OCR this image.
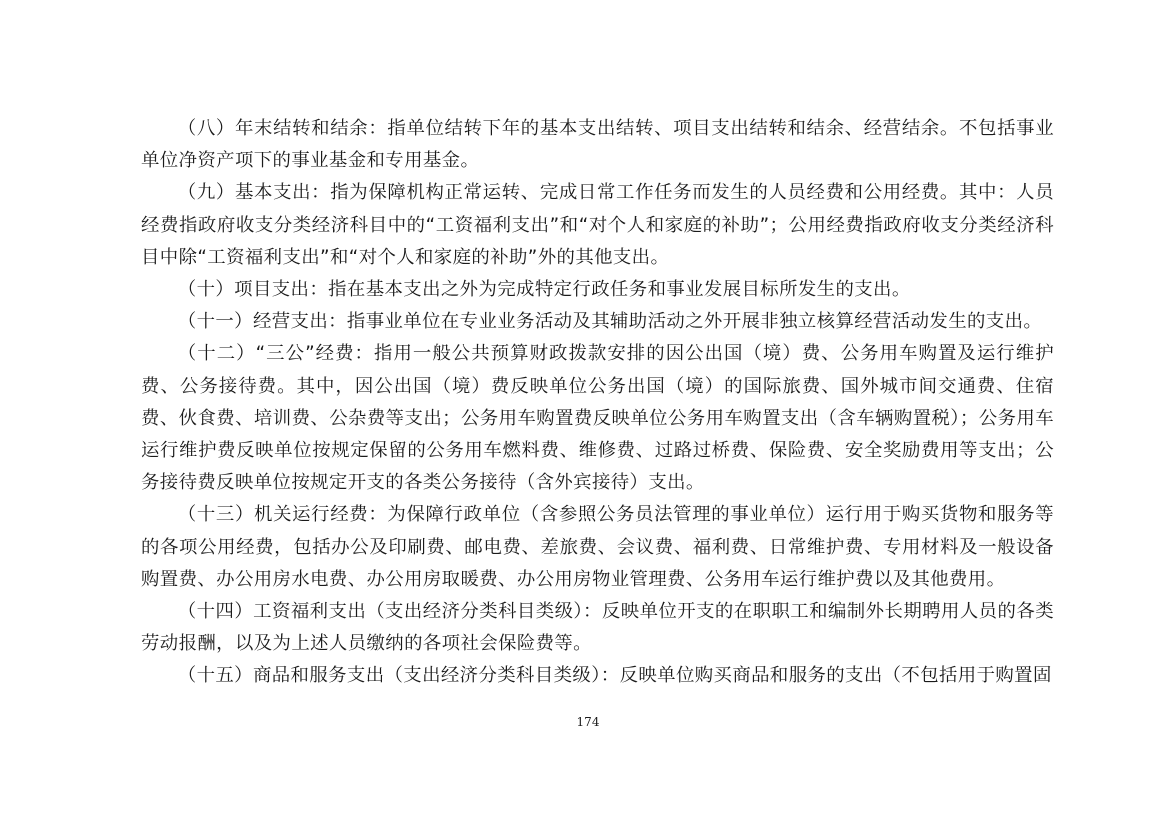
（八）年末结转和结余：指单位结转下年的基本支出结转、项目支出结转和结余、经营结余。不包括事业单位净资产项下的事业基金和专用基金。

（九）基本支出：指为保障机构正常运转、完成日常工作任务而发生的人员经费和公用经费。其中：人员经费指政府收支分类经济科目中的“工资福利支出”和“对个人和家庭的补助”；公用经费指政府收支分类经济科目中除“工资福利支出”和“对个人和家庭的补助”外的其他支出。

（十）项目支出：指在基本支出之外为完成特定行政任务和事业发展目标所发生的支出。

（十一）经营支出：指事业单位在专业业务活动及其辅助活动之外开展非独立核算经营活动发生的支出。

（十二）“三公”经费：指用一般公共预算财政拨款安排的因公出国（境）费、公务用车购置及运行维护费、公务接待费。其中，因公出国（境）费反映单位公务出国（境）的国际旅费、国外城市间交通费、住宿费、伙食费、培训费、公杂费等支出；公务用车购置费反映单位公务用车购置支出（含车辆购置税）；公务用车运行维护费反映单位按规定保留的公务用车燃料费、维修费、过路过桥费、保险费、安全奖励费用等支出；公务接待费反映单位按规定开支的各类公务接待（含外宾接待）支出。

（十三）机关运行经费：为保障行政单位（含参照公务员法管理的事业单位）运行用于购买货物和服务等的各项公用经费，包括办公及印刷费、邮电费、差旅费、会议费、福利费、日常维护费、专用材料及一般设备购置费、办公用房水电费、办公用房取暖费、办公用房物业管理费、公务用车运行维护费以及其他费用。

（十四）工资福利支出（支出经济分类科目类级）：反映单位开支的在职职工和编制外长期聘用人员的各类劳动报酬，以及为上述人员缴纳的各项社会保险费等。

（十五）商品和服务支出（支出经济分类科目类级）：反映单位购买商品和服务的支出（不包括用于购置固

174
